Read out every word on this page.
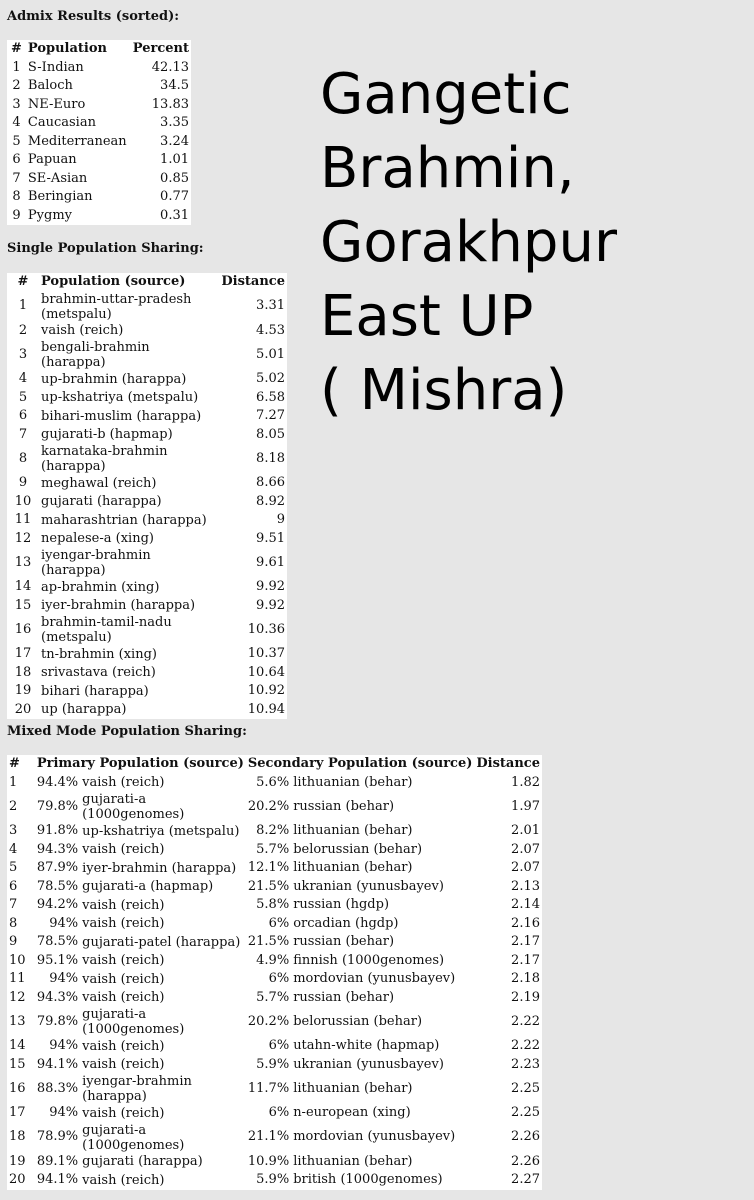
Admix Results (sorted):
#	Population	Percent
1	S-Indian	42.13
2	Baloch	34.5
3	NE-Euro	13.83
4	Caucasian	3.35
5	Mediterranean	3.24
6	Papuan	1.01
7	SE-Asian	0.85
8	Beringian	0.77
9	Pygmy	0.31
Single Population Sharing:
#	Population (source)	Distance
1	brahmin-uttar-pradesh (metspalu)	3.31
2	vaish (reich)	4.53
3	bengali-brahmin (harappa)	5.01
4	up-brahmin (harappa)	5.02
5	up-kshatriya (metspalu)	6.58
6	bihari-muslim (harappa)	7.27
7	gujarati-b (hapmap)	8.05
8	karnataka-brahmin (harappa)	8.18
9	meghawal (reich)	8.66
10	gujarati (harappa)	8.92
11	maharashtrian (harappa)	9
12	nepalese-a (xing)	9.51
13	iyengar-brahmin (harappa)	9.61
14	ap-brahmin (xing)	9.92
15	iyer-brahmin (harappa)	9.92
16	brahmin-tamil-nadu (metspalu)	10.36
17	tn-brahmin (xing)	10.37
18	srivastava (reich)	10.64
19	bihari (harappa)	10.92
20	up (harappa)	10.94
Mixed Mode Population Sharing:
#	Primary Population (source)		Secondary Population (source)		Distance
1	94.4%	vaish (reich)	5.6%	lithuanian (behar)	1.82
2	79.8%	gujarati-a (1000genomes)	20.2%	russian (behar)	1.97
3	91.8%	up-kshatriya (metspalu)	8.2%	lithuanian (behar)	2.01
4	94.3%	vaish (reich)	5.7%	belorussian (behar)	2.07
5	87.9%	iyer-brahmin (harappa)	12.1%	lithuanian (behar)	2.07
6	78.5%	gujarati-a (hapmap)	21.5%	ukranian (yunusbayev)	2.13
7	94.2%	vaish (reich)	5.8%	russian (hgdp)	2.14
8	94%	vaish (reich)	6%	orcadian (hgdp)	2.16
9	78.5%	gujarati-patel (harappa)	21.5%	russian (behar)	2.17
10	95.1%	vaish (reich)	4.9%	finnish (1000genomes)	2.17
11	94%	vaish (reich)	6%	mordovian (yunusbayev)	2.18
12	94.3%	vaish (reich)	5.7%	russian (behar)	2.19
13	79.8%	gujarati-a (1000genomes)	20.2%	belorussian (behar)	2.22
14	94%	vaish (reich)	6%	utahn-white (hapmap)	2.22
15	94.1%	vaish (reich)	5.9%	ukranian (yunusbayev)	2.23
16	88.3%	iyengar-brahmin (harappa)	11.7%	lithuanian (behar)	2.25
17	94%	vaish (reich)	6%	n-european (xing)	2.25
18	78.9%	gujarati-a (1000genomes)	21.1%	mordovian (yunusbayev)	2.26
19	89.1%	gujarati (harappa)	10.9%	lithuanian (behar)	2.26
20	94.1%	vaish (reich)	5.9%	british (1000genomes)	2.27
Gangetic
Brahmin,
Gorakhpur
East UP
( Mishra)
